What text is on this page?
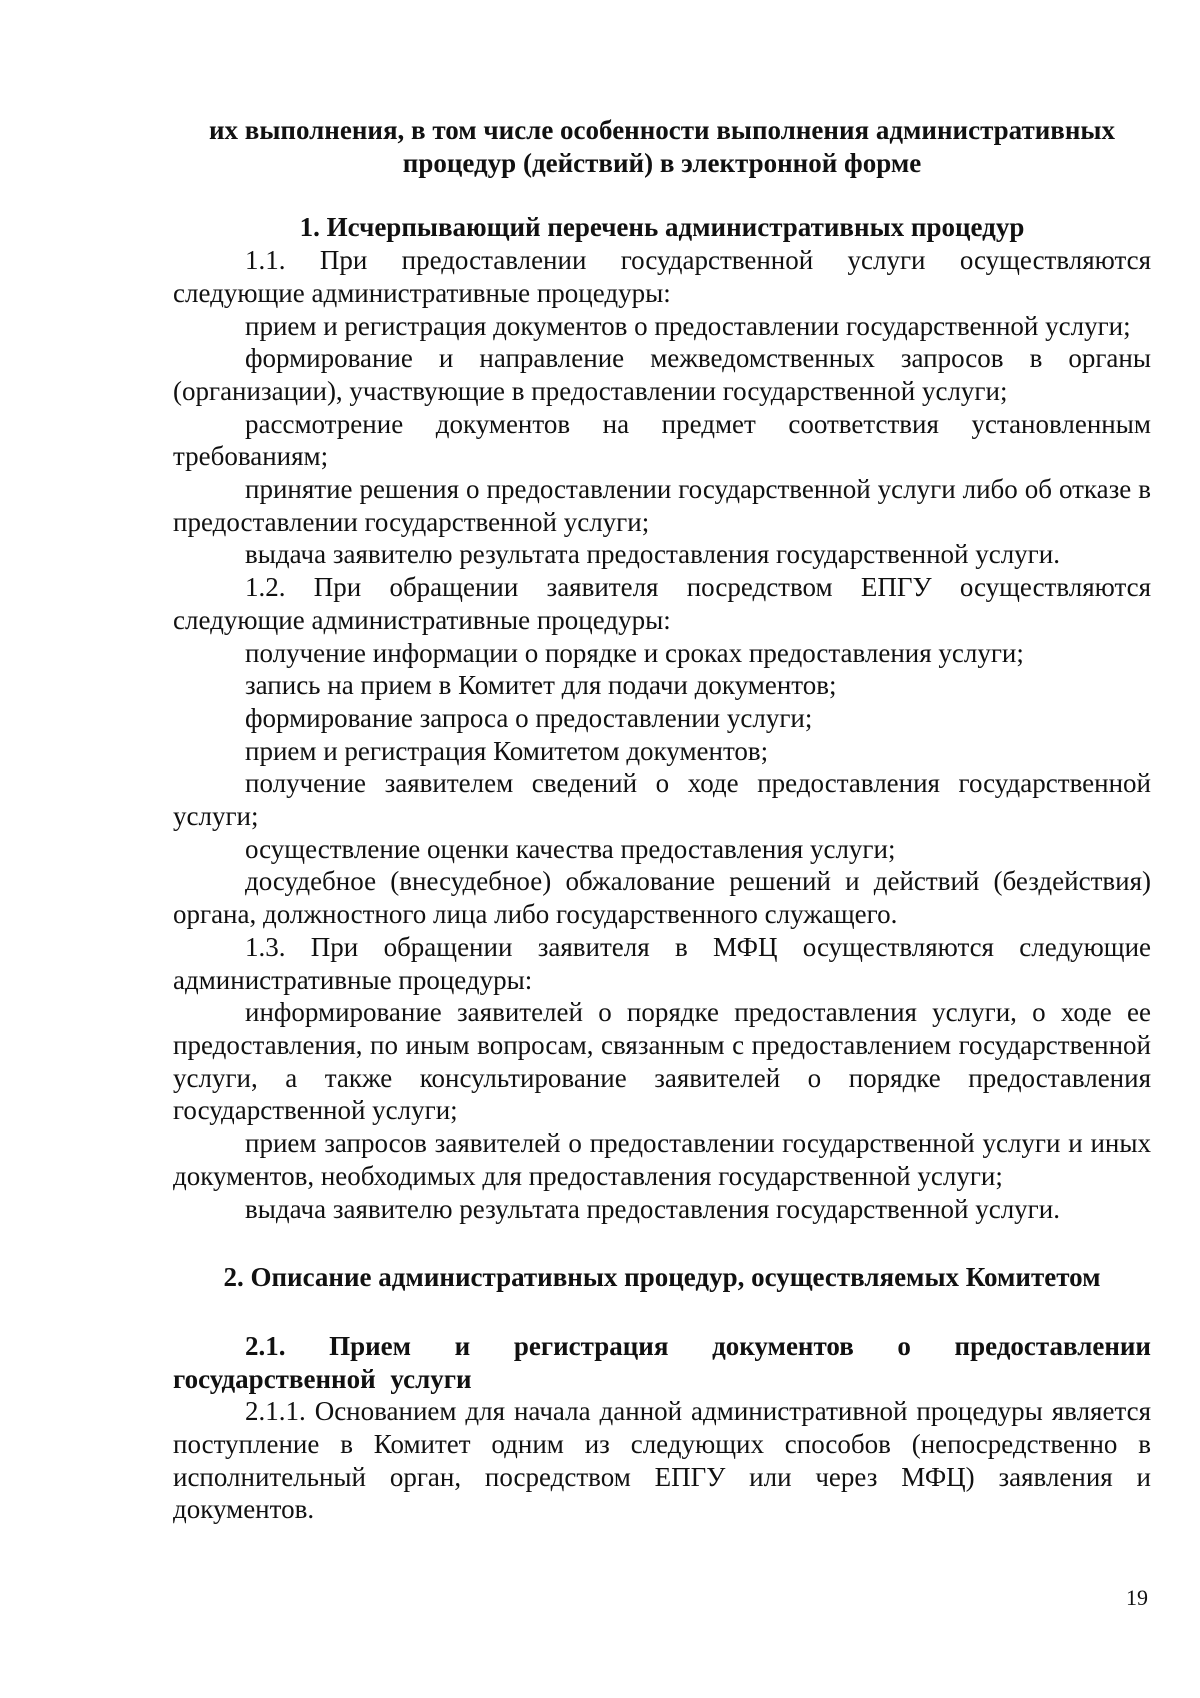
их выполнения, в том числе особенности выполнения административных процедур (действий) в электронной форме

1. Исчерпывающий перечень административных процедур

1.1. При предоставлении государственной услуги осуществляются следующие административные процедуры:

прием и регистрация документов о предоставлении государственной услуги;

формирование и направление межведомственных запросов в органы (организации), участвующие в предоставлении государственной услуги;

рассмотрение документов на предмет соответствия установленным требованиям;

принятие решения о предоставлении государственной услуги либо об отказе в предоставлении государственной услуги;

выдача заявителю результата предоставления государственной услуги.

1.2. При обращении заявителя посредством ЕПГУ осуществляются следующие административные процедуры:

получение информации о порядке и сроках предоставления услуги;

запись на прием в Комитет для подачи документов;

формирование запроса о предоставлении услуги;

прием и регистрация Комитетом документов;

получение заявителем сведений о ходе предоставления государственной услуги;

осуществление оценки качества предоставления услуги;

досудебное (внесудебное) обжалование решений и действий (бездействия) органа, должностного лица либо государственного служащего.

1.3. При обращении заявителя в МФЦ осуществляются следующие административные процедуры:

информирование заявителей о порядке предоставления услуги, о ходе ее предоставления, по иным вопросам, связанным с предоставлением государственной услуги, а также консультирование заявителей о порядке предоставления государственной услуги;

прием запросов заявителей о предоставлении государственной услуги и иных документов, необходимых для предоставления государственной услуги;

выдача заявителю результата предоставления государственной услуги.

2. Описание административных процедур, осуществляемых Комитетом

2.1. Прием и регистрация документов о предоставлении государственной услуги

2.1.1. Основанием для начала данной административной процедуры является поступление в Комитет одним из следующих способов (непосредственно в исполнительный орган, посредством ЕПГУ или через МФЦ) заявления и документов.

19
